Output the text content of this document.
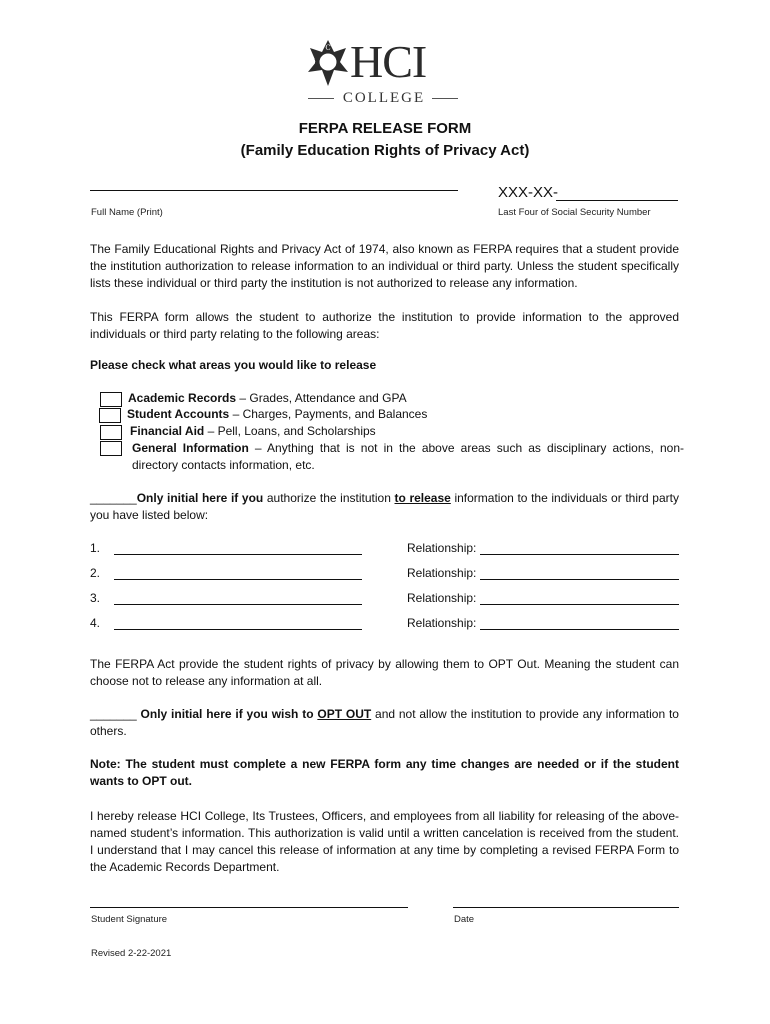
C
H	I HCI
COLLEGE
FERPA RELEASE FORM
(Family Education Rights of Privacy Act)
Full Name (Print)
XXX-XX-
Last Four of Social Security Number
The Family Educational Rights and Privacy Act of 1974, also known as FERPA requires that a student provide the institution authorization to release information to an individual or third party. Unless the student specifically lists these individual or third party the institution is not authorized to release any information.
This FERPA form allows the student to authorize the institution to provide information to the approved individuals or third party relating to the following areas:
Please check what areas you would like to release
Academic Records – Grades, Attendance and GPA
Student Accounts – Charges, Payments, and Balances
Financial Aid – Pell, Loans, and Scholarships
General Information – Anything that is not in the above areas such as disciplinary actions, non-directory contacts information, etc.
_______Only initial here if you authorize the institution to release information to the individuals or third party you have listed below:
1.	Relationship:
2.	Relationship:
3.	Relationship:
4.	Relationship:
The FERPA Act provide the student rights of privacy by allowing them to OPT Out. Meaning the student can choose not to release any information at all.
_______ Only initial here if you wish to OPT OUT and not allow the institution to provide any information to others.
Note: The student must complete a new FERPA form any time changes are needed or if the student wants to OPT out.
I hereby release HCI College, Its Trustees, Officers, and employees from all liability for releasing of the above-named student’s information. This authorization is valid until a written cancelation is received from the student. I understand that I may cancel this release of information at any time by completing a revised FERPA Form to the Academic Records Department.
Student Signature	Date
Revised 2-22-2021
